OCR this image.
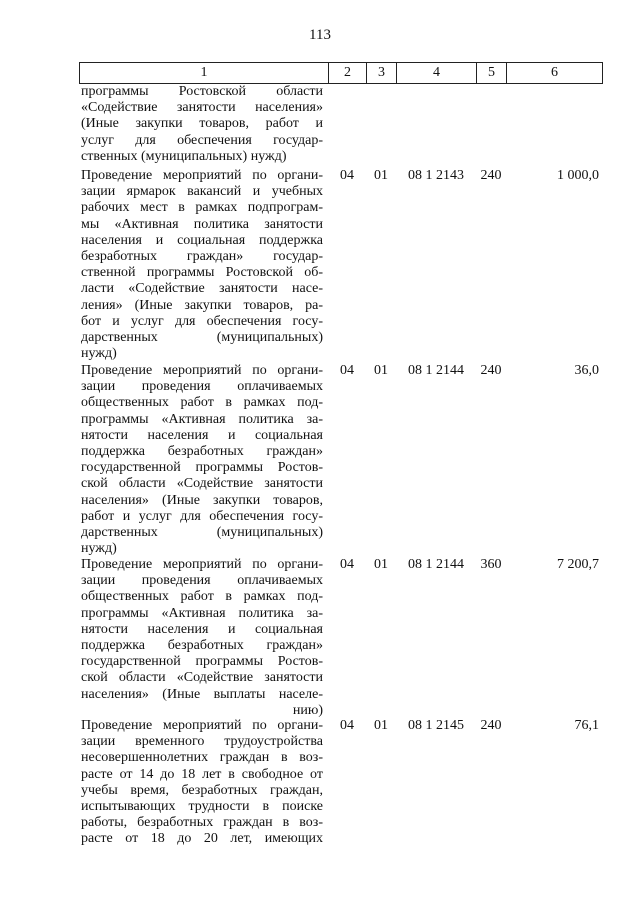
113
1	2	3	4	5	6
программы Ростовской области
«Содействие занятости населения»
(Иные закупки товаров, работ и
услуг для обеспечения государ-
ственных (муниципальных) нужд)
Проведение мероприятий по органи-
зации ярмарок вакансий и учебных
рабочих мест в рамках подпрограм-
мы «Активная политика занятости
населения и социальная поддержка
безработных граждан» государ-
ственной программы Ростовской об-
ласти «Содействие занятости насе-
ления» (Иные закупки товаров, ра-
бот и услуг для обеспечения госу-
дарственных (муниципальных)
нужд)
04	01	08 1 2143	240	1 000,0
Проведение мероприятий по органи-
зации проведения оплачиваемых
общественных работ в рамках под-
программы «Активная политика за-
нятости населения и социальная
поддержка безработных граждан»
государственной программы Ростов-
ской области «Содействие занятости
населения» (Иные закупки товаров,
работ и услуг для обеспечения госу-
дарственных (муниципальных)
нужд)
04	01	08 1 2144	240	36,0
Проведение мероприятий по органи-
зации проведения оплачиваемых
общественных работ в рамках под-
программы «Активная политика за-
нятости населения и социальная
поддержка безработных граждан»
государственной программы Ростов-
ской области «Содействие занятости
населения» (Иные выплаты населе-
нию)
04	01	08 1 2144	360	7 200,7
Проведение мероприятий по органи-
зации временного трудоустройства
несовершеннолетних граждан в воз-
расте от 14 до 18 лет в свободное от
учебы время, безработных граждан,
испытывающих трудности в поиске
работы, безработных граждан в воз-
расте от 18 до 20 лет, имеющих
04	01	08 1 2145	240	76,1
